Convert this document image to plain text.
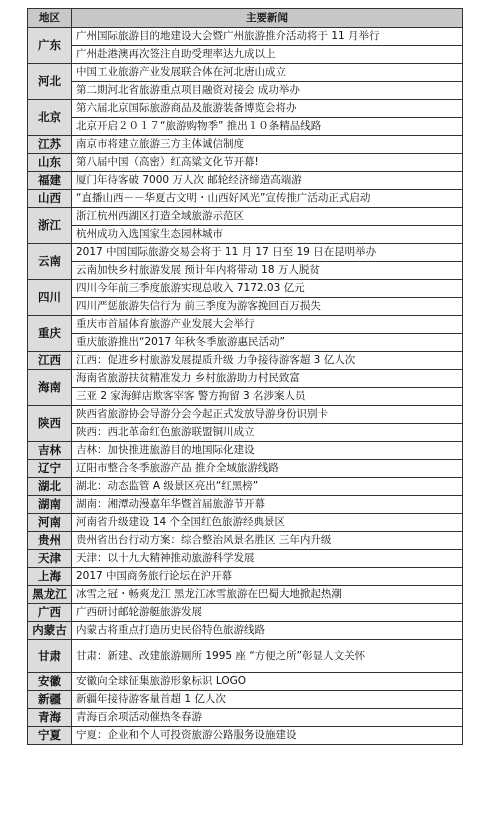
地区	主要新闻
广东	广州国际旅游目的地建设大会暨广州旅游推介活动将于 11 月举行
	广州赴港澳再次签注自助受理率达九成以上
河北	中国工业旅游产业发展联合体在河北唐山成立
	第二期河北省旅游重点项目融资对接会 成功举办
北京	第六届北京国际旅游商品及旅游装备博览会将办
	北京开启２０１７“旅游购物季” 推出１０条精品线路
江苏	南京市将建立旅游三方主体诚信制度
山东	第八届中国（高密）红高粱文化节开幕!
福建	厦门年待客破 7000 万人次 邮轮经济缔造高端游
山西	“直播山西－－华夏古文明・山西好风光”宣传推广活动正式启动
浙江	浙江杭州西湖区打造全域旅游示范区
	杭州成功入选国家生态园林城市
云南	2017 中国国际旅游交易会将于 11 月 17 日至 19 日在昆明举办
	云南加快乡村旅游发展 预计年内将带动 18 万人脱贫
四川	四川今年前三季度旅游实现总收入 7172.03 亿元
	四川严惩旅游失信行为 前三季度为游客挽回百万损失
重庆	重庆市首届体育旅游产业发展大会举行
	重庆旅游推出“2017 年秋冬季旅游惠民活动”
江西	江西：促进乡村旅游发展提质升级 力争接待游客超 3 亿人次
海南	海南省旅游扶贫精准发力 乡村旅游助力村民致富
	三亚 2 家海鲜店欺客宰客 警方拘留 3 名涉案人员
陕西	陕西省旅游协会导游分会今起正式发放导游身份识别卡
	陕西：西北革命红色旅游联盟铜川成立
吉林	吉林：加快推进旅游目的地国际化建设
辽宁	辽阳市整合冬季旅游产品 推介全域旅游线路
湖北	湖北：动态监管 A 级景区亮出“红黑榜”
湖南	湖南：湘潭动漫嘉年华暨首届旅游节开幕
河南	河南省升级建设 14 个全国红色旅游经典景区
贵州	贵州省出台行动方案：综合整治风景名胜区 三年内升级
天津	天津：以十九大精神推动旅游科学发展
上海	2017 中国商务旅行论坛在沪开幕
黑龙江	冰雪之冠・畅爽龙江 黑龙江冰雪旅游在巴蜀大地掀起热潮
广西	广西研讨邮轮游艇旅游发展
内蒙古	内蒙古将重点打造历史民俗特色旅游线路
甘肃	甘肃：新建、改建旅游厕所 1995 座 “方便之所”彰显人文关怀
安徽	安徽向全球征集旅游形象标识 LOGO
新疆	新疆年接待游客量首超 1 亿人次
青海	青海百余项活动催热冬春游
宁夏	宁夏：企业和个人可投资旅游公路服务设施建设
